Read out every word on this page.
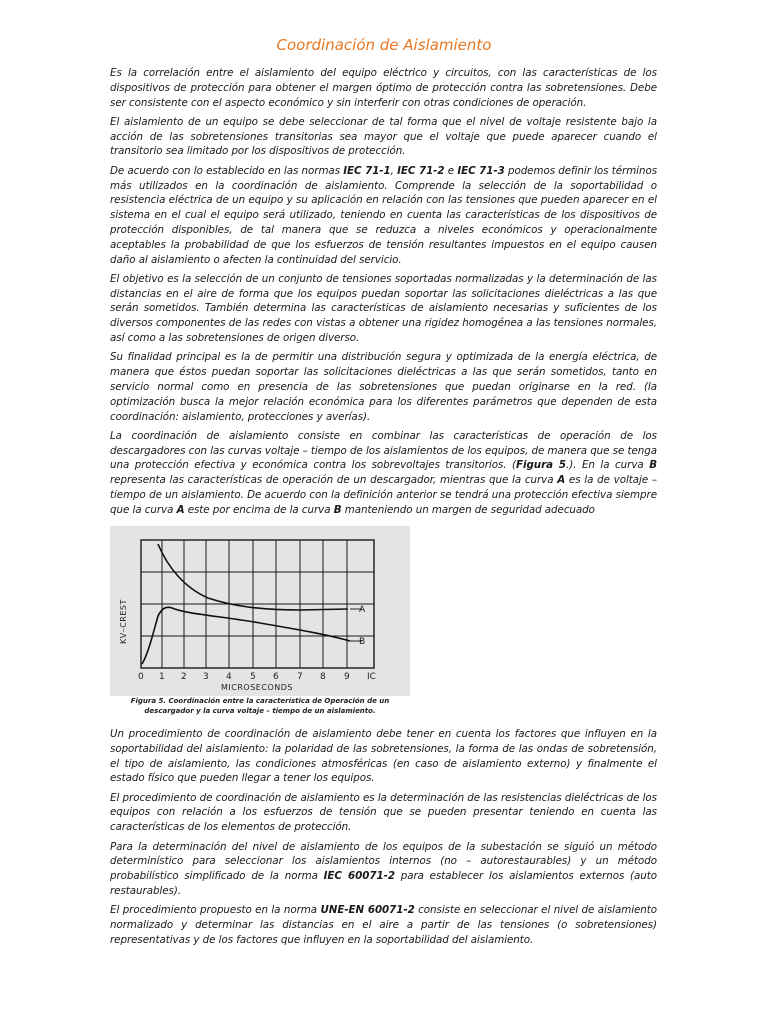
Coordinación de Aislamiento

Es la correlación entre el aislamiento del equipo eléctrico y circuitos, con las características de los dispositivos de protección para obtener el margen óptimo de protección contra las sobretensiones. Debe ser consistente con el aspecto económico y sin interferir con otras condiciones de operación.

El aislamiento de un equipo se debe seleccionar de tal forma que el nivel de voltaje resistente bajo la acción de las sobretensiones transitorias sea mayor que el voltaje que puede aparecer cuando el transitorio sea limitado por los dispositivos de protección.

De acuerdo con lo establecido en las normas IEC 71-1, IEC 71-2 e IEC 71-3 podemos definir los términos más utilizados en la coordinación de aislamiento. Comprende la selección de la soportabilidad o resistencia eléctrica de un equipo y su aplicación en relación con las tensiones que pueden aparecer en el sistema en el cual el equipo será utilizado, teniendo en cuenta las características de los dispositivos de protección disponibles, de tal manera que se reduzca a niveles económicos y operacionalmente aceptables la probabilidad de que los esfuerzos de tensión resultantes impuestos en el equipo causen daño al aislamiento o afecten la continuidad del servicio.

El objetivo es la selección de un conjunto de tensiones soportadas normalizadas y la determinación de las distancias en el aire de forma que los equipos puedan soportar las solicitaciones dieléctricas a las que serán sometidos. También determina las características de aislamiento necesarias y suficientes de los diversos componentes de las redes con vistas a obtener una rigidez homogénea a las tensiones normales, así como a las sobretensiones de origen diverso.

Su finalidad principal es la de permitir una distribución segura y optimizada de la energía eléctrica, de manera que éstos puedan soportar las solicitaciones dieléctricas a las que serán sometidos, tanto en servicio normal como en presencia de las sobretensiones que puedan originarse en la red. (la optimización busca la mejor relación económica para los diferentes parámetros que dependen de esta coordinación: aislamiento, protecciones y averías).

La coordinación de aislamiento consiste en combinar las características de operación de los descargadores con las curvas voltaje – tiempo de los aislamientos de los equipos, de manera que se tenga una protección efectiva y económica contra los sobrevoltajes transitorios. (Figura 5.). En la curva B representa las características de operación de un descargador, mientras que la curva A es la de voltaje – tiempo de un aislamiento. De acuerdo con la definición anterior se tendrá una protección efectiva siempre que la curva A este por encima de la curva B manteniendo un margen de seguridad adecuado

A
B
KV–CREST
0 1 2 3 4 5 6 7 8 9 IC
MICROSECONDS
Figura 5. Coordinación entre la característica de Operación de un descargador y la curva voltaje – tiempo de un aislamiento.

Un procedimiento de coordinación de aislamiento debe tener en cuenta los factores que influyen en la soportabilidad del aislamiento: la polaridad de las sobretensiones, la forma de las ondas de sobretensión, el tipo de aislamiento, las condiciones atmosféricas (en caso de aislamiento externo) y finalmente el estado físico que pueden llegar a tener los equipos.

El procedimiento de coordinación de aislamiento es la determinación de las resistencias dieléctricas de los equipos con relación a los esfuerzos de tensión que se pueden presentar teniendo en cuenta las características de los elementos de protección.

Para la determinación del nivel de aislamiento de los equipos de la subestación se siguió un método determinístico para seleccionar los aislamientos internos (no – autorestaurables) y un método probabilístico simplificado de la norma IEC 60071-2 para establecer los aislamientos externos (auto restaurables).

El procedimiento propuesto en la norma UNE-EN 60071-2 consiste en seleccionar el nivel de aislamiento normalizado y determinar las distancias en el aire a partir de las tensiones (o sobretensiones) representativas y de los factores que influyen en la soportabilidad del aislamiento.
